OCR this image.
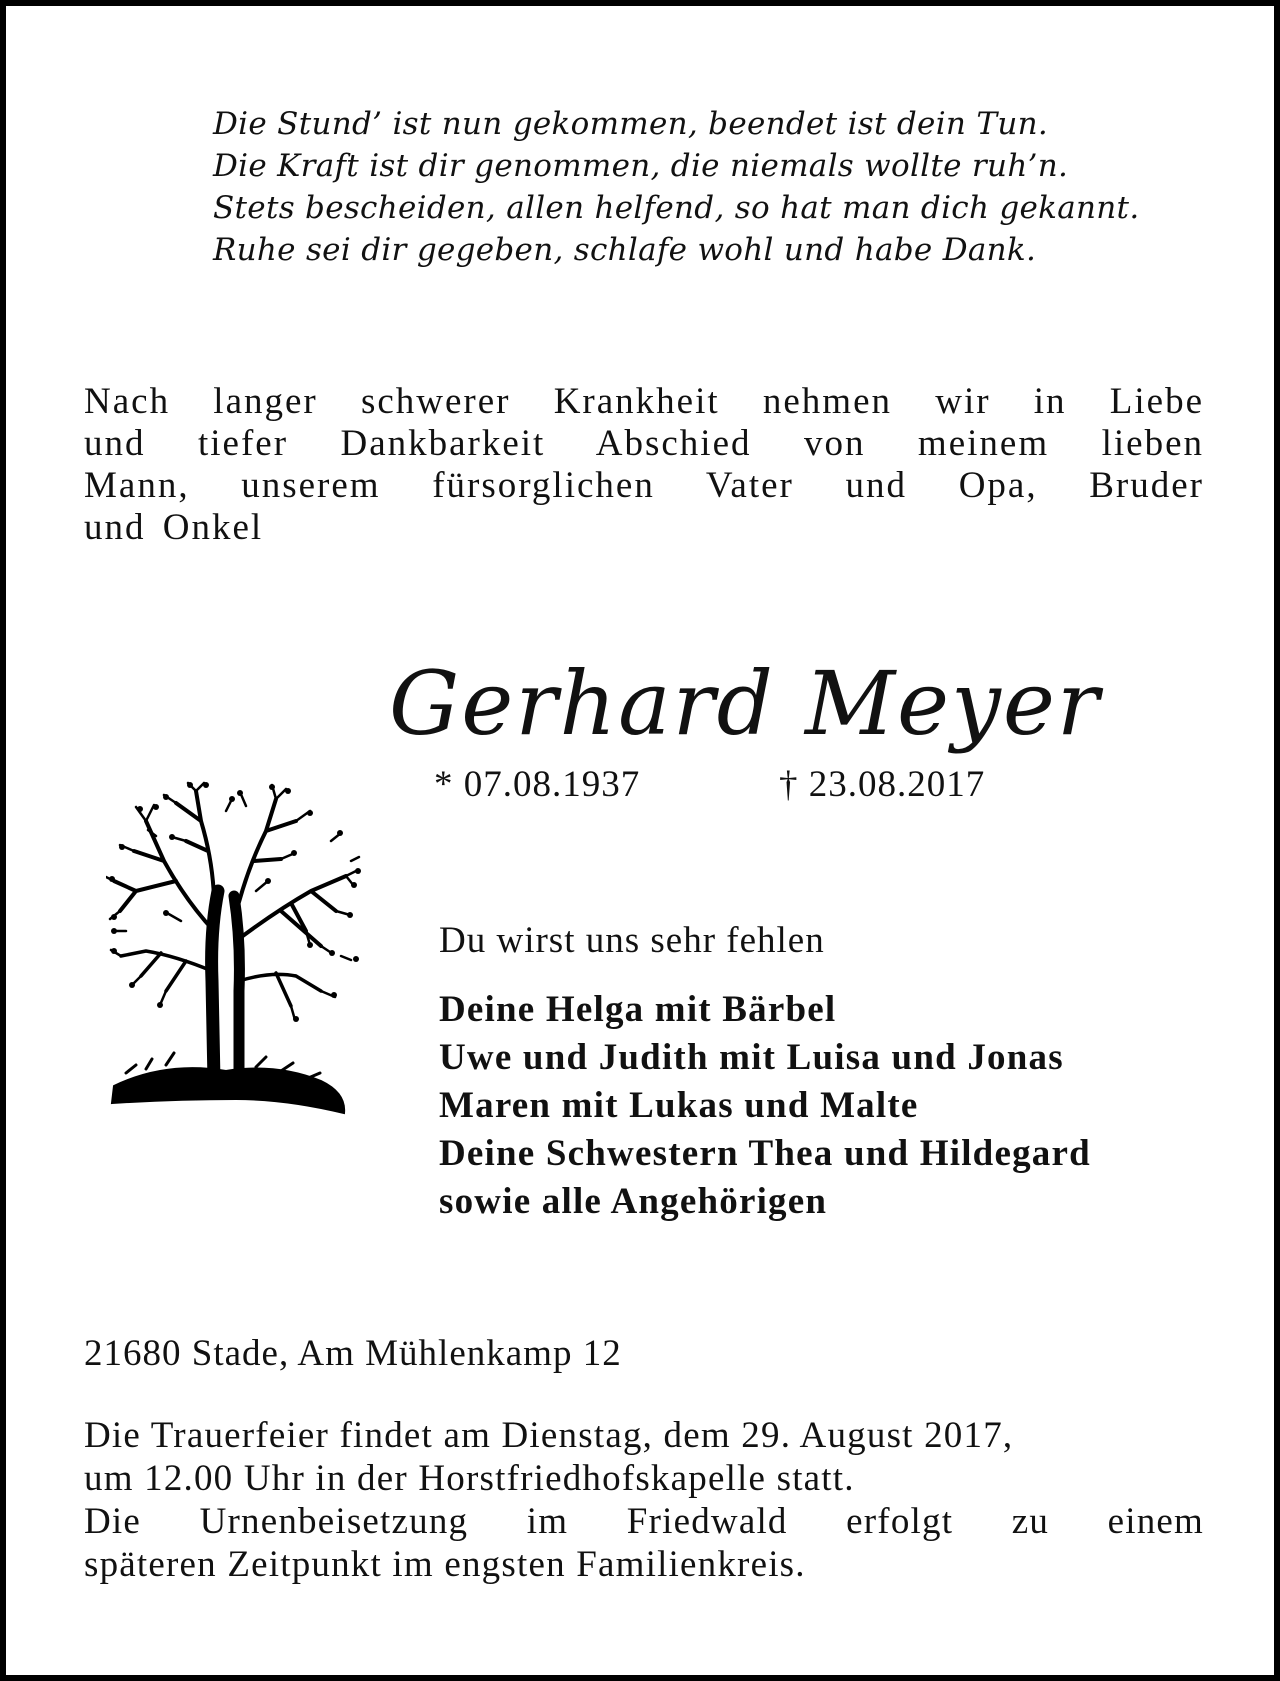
Die Stund’ ist nun gekommen, beendet ist dein Tun.
Die Kraft ist dir genommen, die niemals wollte ruh’n.
Stets bescheiden, allen helfend, so hat man dich gekannt.
Ruhe sei dir gegeben, schlafe wohl und habe Dank.
Nach langer schwerer Krankheit nehmen wir in Liebe
und tiefer Dankbarkeit Abschied von meinem lieben
Mann, unserem fürsorglichen Vater und Opa, Bruder
und Onkel
Gerhard Meyer
* 07.08.1937	† 23.08.2017
Du wirst uns sehr fehlen
Deine Helga mit Bärbel
Uwe und Judith mit Luisa und Jonas
Maren mit Lukas und Malte
Deine Schwestern Thea und Hildegard
sowie alle Angehörigen
21680 Stade, Am Mühlenkamp 12
Die Trauerfeier findet am Dienstag, dem 29. August 2017,
um 12.00 Uhr in der Horstfriedhofskapelle statt.
Die Urnenbeisetzung im Friedwald erfolgt zu einem
späteren Zeitpunkt im engsten Familienkreis.
